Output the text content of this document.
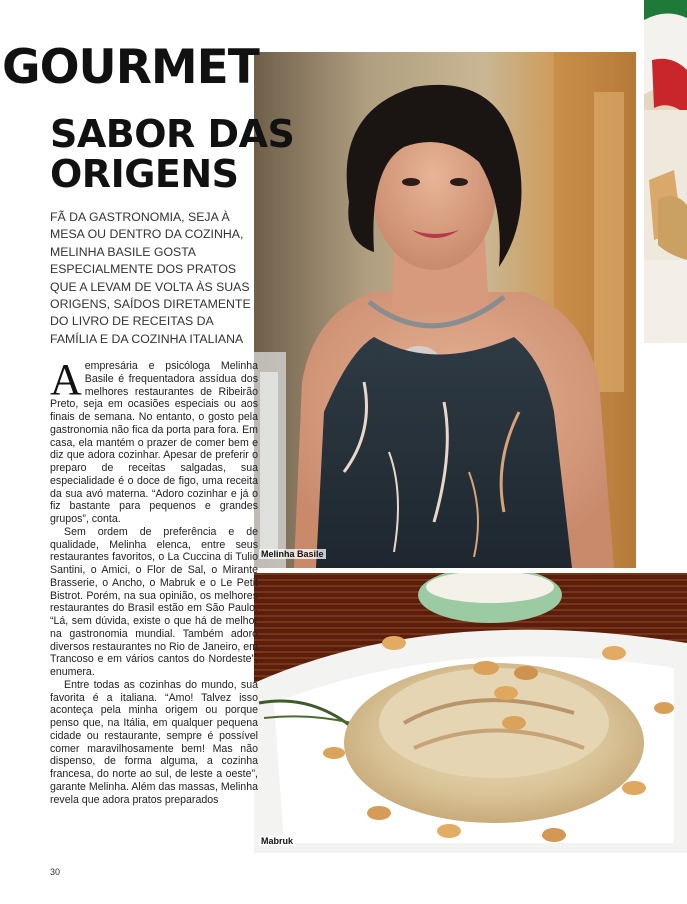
Melinha Basile
Mabruk
GOURMET
SABOR DAS
ORIGENS

FÃ DA GASTRONOMIA, SEJA À MESA OU DENTRO DA COZINHA, MELINHA BASILE GOSTA ESPECIALMENTE DOS PRATOS QUE A LEVAM DE VOLTA ÀS SUAS ORIGENS, SAÍDOS DIRETAMENTE DO LIVRO DE RECEITAS DA FAMÍLIA E DA COZINHA ITALIANA

Aempresária e psicóloga Melinha Basile é frequentadora assídua dos melhores restaurantes de Ribeirão Preto, seja em ocasiões especiais ou aos finais de semana. No entanto, o gosto pela gastronomia não fica da porta para fora. Em casa, ela mantém o prazer de comer bem e diz que adora cozinhar. Apesar de preferir o preparo de receitas salgadas, sua especialidade é o doce de figo, uma receita da sua avó materna. “Adoro cozinhar e já o fiz bastante para pequenos e grandes grupos”, conta.

Sem ordem de preferência e de qualidade, Melinha elenca, entre seus restaurantes favoritos, o La Cuccina di Tulio Santini, o Amici, o Flor de Sal, o Mirante Brasserie, o Ancho, o Mabruk e o Le Petit Bistrot. Porém, na sua opinião, os melhores restaurantes do Brasil estão em São Paulo. “Lá, sem dúvida, existe o que há de melhor na gastronomia mundial. Também adoro diversos restaurantes no Rio de Janeiro, em Trancoso e em vários cantos do Nordeste”, enumera.

Entre todas as cozinhas do mundo, sua favorita é a italiana. “Amo! Talvez isso aconteça pela minha origem ou porque penso que, na Itália, em qualquer pequena cidade ou restaurante, sempre é possível comer maravilhosamente bem! Mas não dispenso, de forma alguma, a cozinha francesa, do norte ao sul, de leste a oeste”, garante Melinha. Além das massas, Melinha revela que adora pratos preparados

30
